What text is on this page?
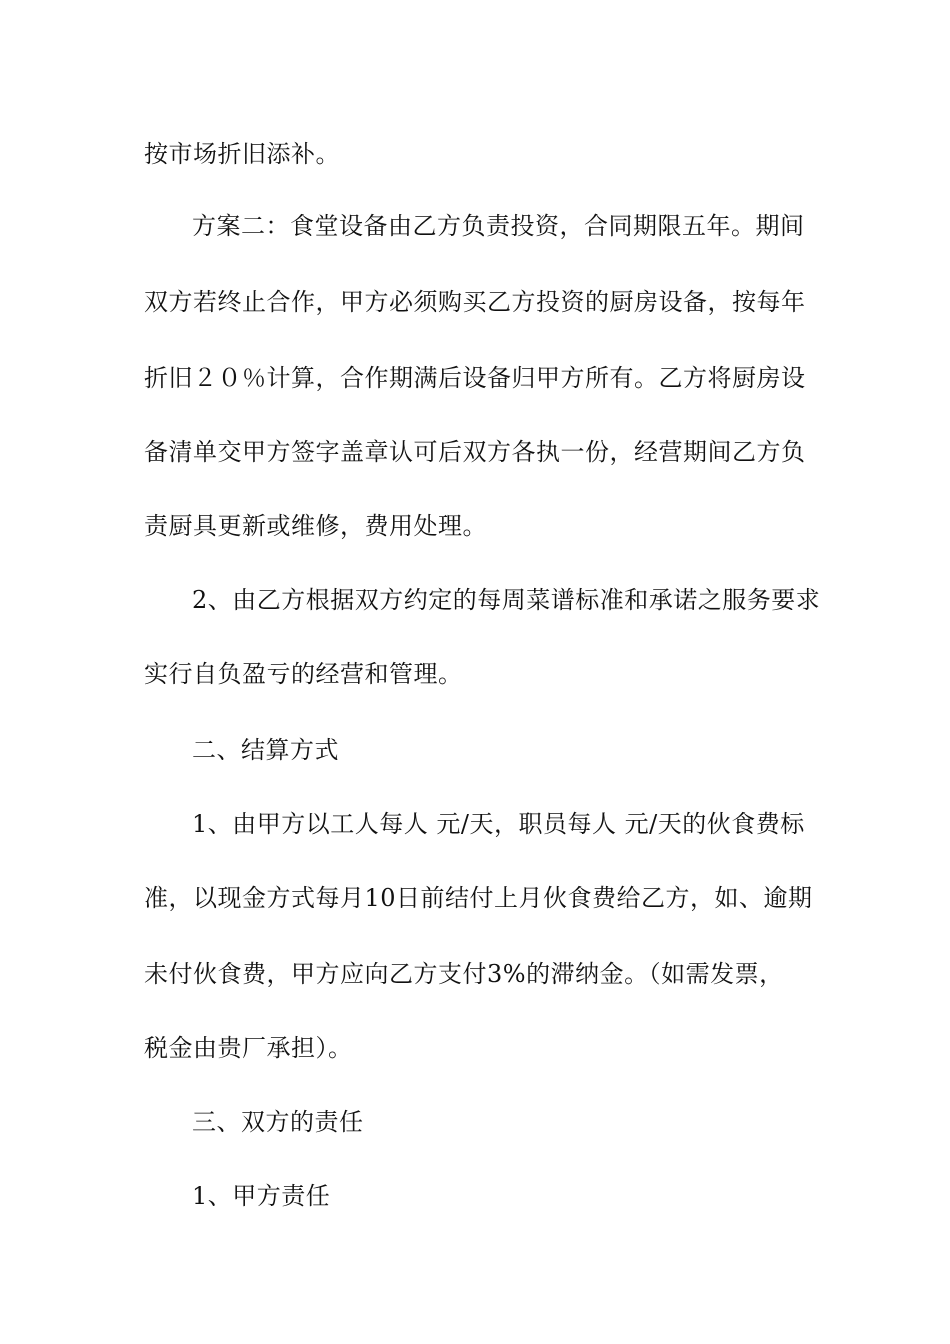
按市场折旧添补。
方案二：食堂设备由乙方负责投资，合同期限五年。期间
双方若终止合作，甲方必须购买乙方投资的厨房设备，按每年
折旧２０％计算，合作期满后设备归甲方所有。乙方将厨房设
备清单交甲方签字盖章认可后双方各执一份，经营期间乙方负
责厨具更新或维修，费用处理。
2、由乙方根据双方约定的每周菜谱标准和承诺之服务要求
实行自负盈亏的经营和管理。
二、结算方式
1、由甲方以工人每人 元/天，职员每人 元/天的伙食费标
准，以现金方式每月10日前结付上月伙食费给乙方，如、逾期
未付伙食费，甲方应向乙方支付3%的滞纳金。（如需发票，
税金由贵厂承担）。
三、双方的责任
1、甲方责任
